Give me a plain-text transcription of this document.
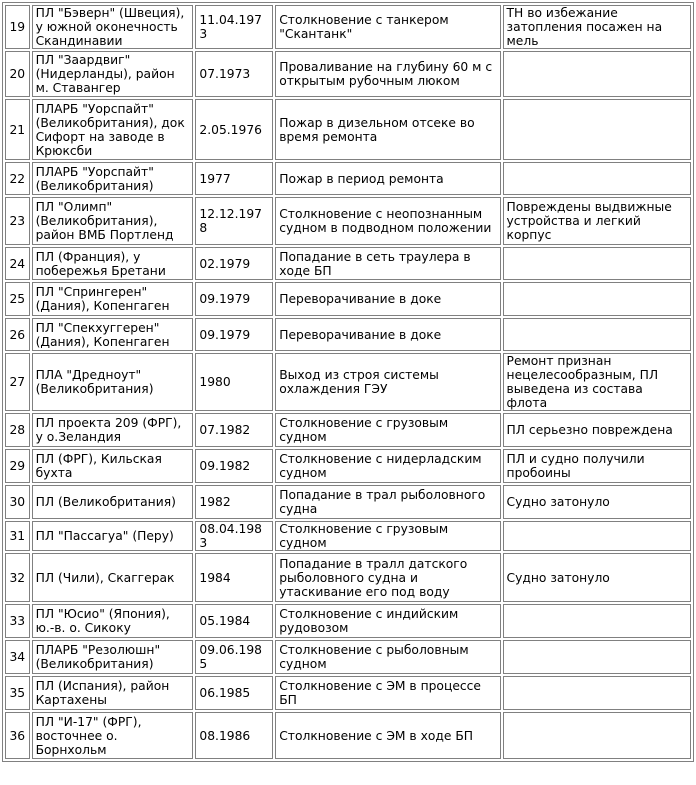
19	ПЛ "Бэверн" (Швеция), у южной оконечность Скандинавии	11.04.1973	Столкновение с танкером "Скантанк"	ТН во избежание затопления посажен на мель
20	ПЛ "Заардвиг" (Нидерланды), район м. Ставангер	07.1973	Проваливание на глубину 60 м с открытым рубочным люком	
21	ПЛАРБ "Уорспайт" (Великобритания), док Сифорт на заводе в Крюксби	2.05.1976	Пожар в дизельном отсеке во время ремонта	
22	ПЛАРБ "Уорспайт" (Великобритания)	1977	Пожар в период ремонта	
23	ПЛ "Олимп" (Великобритания), район ВМБ Портленд	12.12.1978	Столкновение с неопознанным судном в подводном положении	Повреждены выдвижные устройства и легкий корпус
24	ПЛ (Франция), у побережья Бретани	02.1979	Попадание в сеть траулера в ходе БП	
25	ПЛ "Спрингерен" (Дания), Копенгаген	09.1979	Переворачивание в доке	
26	ПЛ "Спекхуггерен" (Дания), Копенгаген	09.1979	Переворачивание в доке	
27	ПЛА "Дредноут" (Великобритания)	1980	Выход из строя системы охлаждения ГЭУ	Ремонт признан нецелесообразным, ПЛ выведена из состава флота
28	ПЛ проекта 209 (ФРГ), у о.Зеландия	07.1982	Столкновение с грузовым судном	ПЛ серьезно повреждена
29	ПЛ (ФРГ), Кильская бухта	09.1982	Столкновение с нидерладским судном	ПЛ и судно получили пробоины
30	ПЛ (Великобритания)	1982	Попадание в трал рыболовного судна	Судно затонуло
31	ПЛ "Пассагуа" (Перу)	08.04.1983	Столкновение с грузовым судном	
32	ПЛ (Чили), Скаггерак	1984	Попадание в тралл датского рыболовного судна и утаскивание его под воду	Судно затонуло
33	ПЛ "Юсио" (Япония), ю.-в. о. Сикоку	05.1984	Столкновение с индийским рудовозом	
34	ПЛАРБ "Резолюшн" (Великобритания)	09.06.1985	Столкновение с рыболовным судном	
35	ПЛ (Испания), район Картахены	06.1985	Столкновение с ЭМ в процессе БП	
36	ПЛ "И-17" (ФРГ), восточнее о. Борнхольм	08.1986	Столкновение с ЭМ в ходе БП	
